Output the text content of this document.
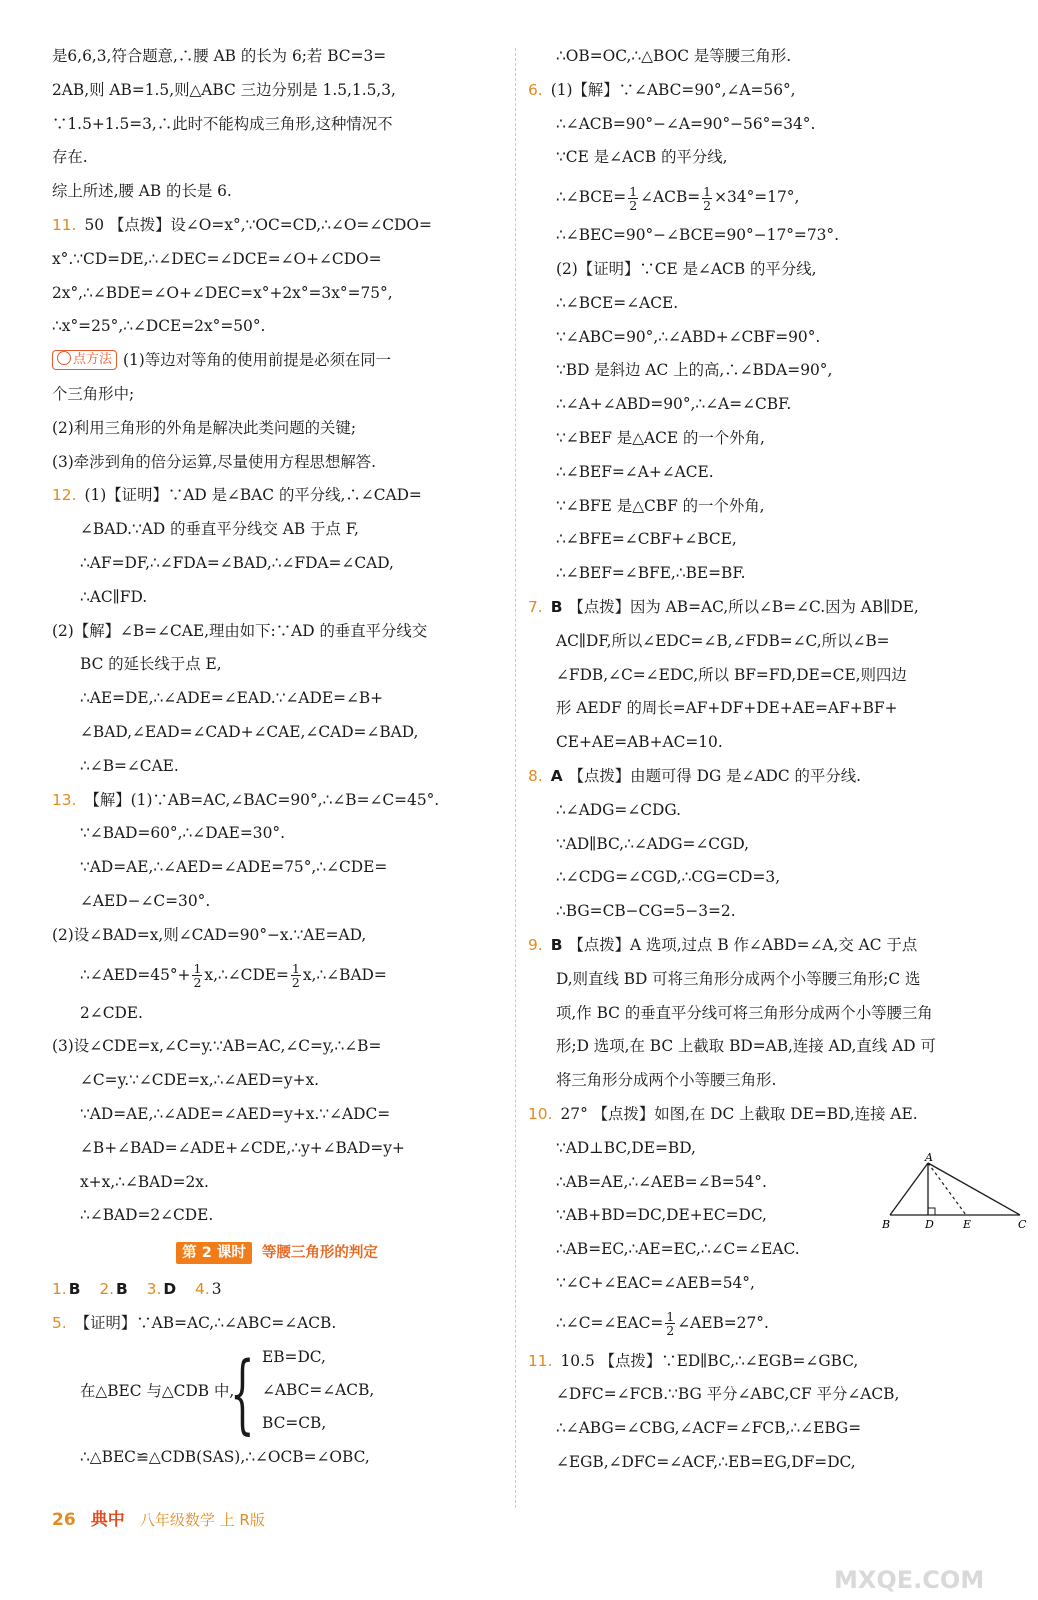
是6,6,3,符合题意,∴腰 AB 的长为 6;若 BC=3=
2AB,则 AB=1.5,则△ABC 三边分别是 1.5,1.5,3,
∵1.5+1.5=3,∴此时不能构成三角形,这种情况不
存在.
综上所述,腰 AB 的长是 6.
11. 50 【点拨】设∠O=x°,∵OC=CD,∴∠O=∠CDO=
x°.∵CD=DE,∴∠DEC=∠DCE=∠O+∠CDO=
2x°,∴∠BDE=∠O+∠DEC=x°+2x°=3x°=75°,
∴x°=25°,∴∠DCE=2x°=50°.
点方法 (1)等边对等角的使用前提是必须在同一
个三角形中;
(2)利用三角形的外角是解决此类问题的关键;
(3)牵涉到角的倍分运算,尽量使用方程思想解答.
12. (1)【证明】∵AD 是∠BAC 的平分线,∴∠CAD=
∠BAD.∵AD 的垂直平分线交 AB 于点 F,
∴AF=DF,∴∠FDA=∠BAD,∴∠FDA=∠CAD,
∴AC∥FD.
(2)【解】∠B=∠CAE,理由如下:∵AD 的垂直平分线交
BC 的延长线于点 E,
∴AE=DE,∴∠ADE=∠EAD.∵∠ADE=∠B+
∠BAD,∠EAD=∠CAD+∠CAE,∠CAD=∠BAD,
∴∠B=∠CAE.
13. 【解】(1)∵AB=AC,∠BAC=90°,∴∠B=∠C=45°.
∵∠BAD=60°,∴∠DAE=30°.
∵AD=AE,∴∠AED=∠ADE=75°,∴∠CDE=
∠AED−∠C=30°.
(2)设∠BAD=x,则∠CAD=90°−x.∵AE=AD,
∴∠AED=45°+ $\frac{1}{2}$ x,∴∠CDE= $\frac{1}{2}$ x,∴∠BAD=
2∠CDE.
(3)设∠CDE=x,∠C=y.∵AB=AC,∠C=y,∴∠B=
∠C=y.∵∠CDE=x,∴∠AED=y+x.
∵AD=AE,∴∠ADE=∠AED=y+x.∵∠ADC=
∠B+∠BAD=∠ADE+∠CDE,∴y+∠BAD=y+
x+x,∴∠BAD=2x.
∴∠BAD=2∠CDE.
第 2 课时 等腰三角形的判定
1. B 2. B 3. D 4. 3
5. 【证明】∵AB=AC,∴∠ABC=∠ACB.
在△BEC 与△CDB 中,
{ EB=DC,
∠ABC=∠ACB,
BC=CB,
∴△BEC≌△CDB(SAS),∴∠OCB=∠OBC,
∴OB=OC,∴△BOC 是等腰三角形.
6. (1)【解】∵∠ABC=90°,∠A=56°,
∴∠ACB=90°−∠A=90°−56°=34°.
∵CE 是∠ACB 的平分线,
∴∠BCE= $\frac{1}{2}$ ∠ACB= $\frac{1}{2} \times 34^\circ=17^\circ$,
∴∠BEC=90°−∠BCE=90°−17°=73°.
(2)【证明】∵CE 是∠ACB 的平分线,
∴∠BCE=∠ACE.
∵∠ABC=90°,∴∠ABD+∠CBF=90°.
∵BD 是斜边 AC 上的高,∴∠BDA=90°,
∴∠A+∠ABD=90°,∴∠A=∠CBF.
∵∠BEF 是△ACE 的一个外角,
∴∠BEF=∠A+∠ACE.
∵∠BFE 是△CBF 的一个外角,
∴∠BFE=∠CBF+∠BCE,
∴∠BEF=∠BFE,∴BE=BF.
7. B 【点拨】因为 AB=AC,所以∠B=∠C.因为 AB∥DE,
AC∥DF,所以∠EDC=∠B,∠FDB=∠C,所以∠B=
∠FDB,∠C=∠EDC,所以 BF=FD,DE=CE,则四边
形 AEDF 的周长=AF+DF+DE+AE=AF+BF+
CE+AE=AB+AC=10.
8. A 【点拨】由题可得 DG 是∠ADC 的平分线.
∴∠ADG=∠CDG.
∵AD∥BC,∴∠ADG=∠CGD,
∴∠CDG=∠CGD,∴CG=CD=3,
∴BG=CB−CG=5−3=2.
9. B 【点拨】A 选项,过点 B 作∠ABD=∠A,交 AC 于点
D,则直线 BD 可将三角形分成两个小等腰三角形;C 选
项,作 BC 的垂直平分线可将三角形分成两个小等腰三角
形;D 选项,在 BC 上截取 BD=AB,连接 AD,直线 AD 可
将三角形分成两个小等腰三角形.
10. 27° 【点拨】如图,在 DC 上截取 DE=BD,连接 AE.
∵AD⊥BC,DE=BD,
∴AB=AE,∴∠AEB=∠B=54°.
∵AB+BD=DC,DE+EC=DC,
∴AB=EC,∴AE=EC,∴∠C=∠EAC.
∵∠C+∠EAC=∠AEB=54°,
∴∠C=∠EAC= $\frac{1}{2}$ ∠AEB=27°.
11. 10.5 【点拨】∵ED∥BC,∴∠EGB=∠GBC,
∠DFC=∠FCB.∵BG 平分∠ABC,CF 平分∠ACB,
∴∠ABG=∠CBG,∠ACF=∠FCB,∴∠EBG=
∠EGB,∠DFC=∠ACF,∴EB=EG,DF=DC,
A
B	D	E	C
26 典中 八年级数学 上 R版
MXQE.COM
